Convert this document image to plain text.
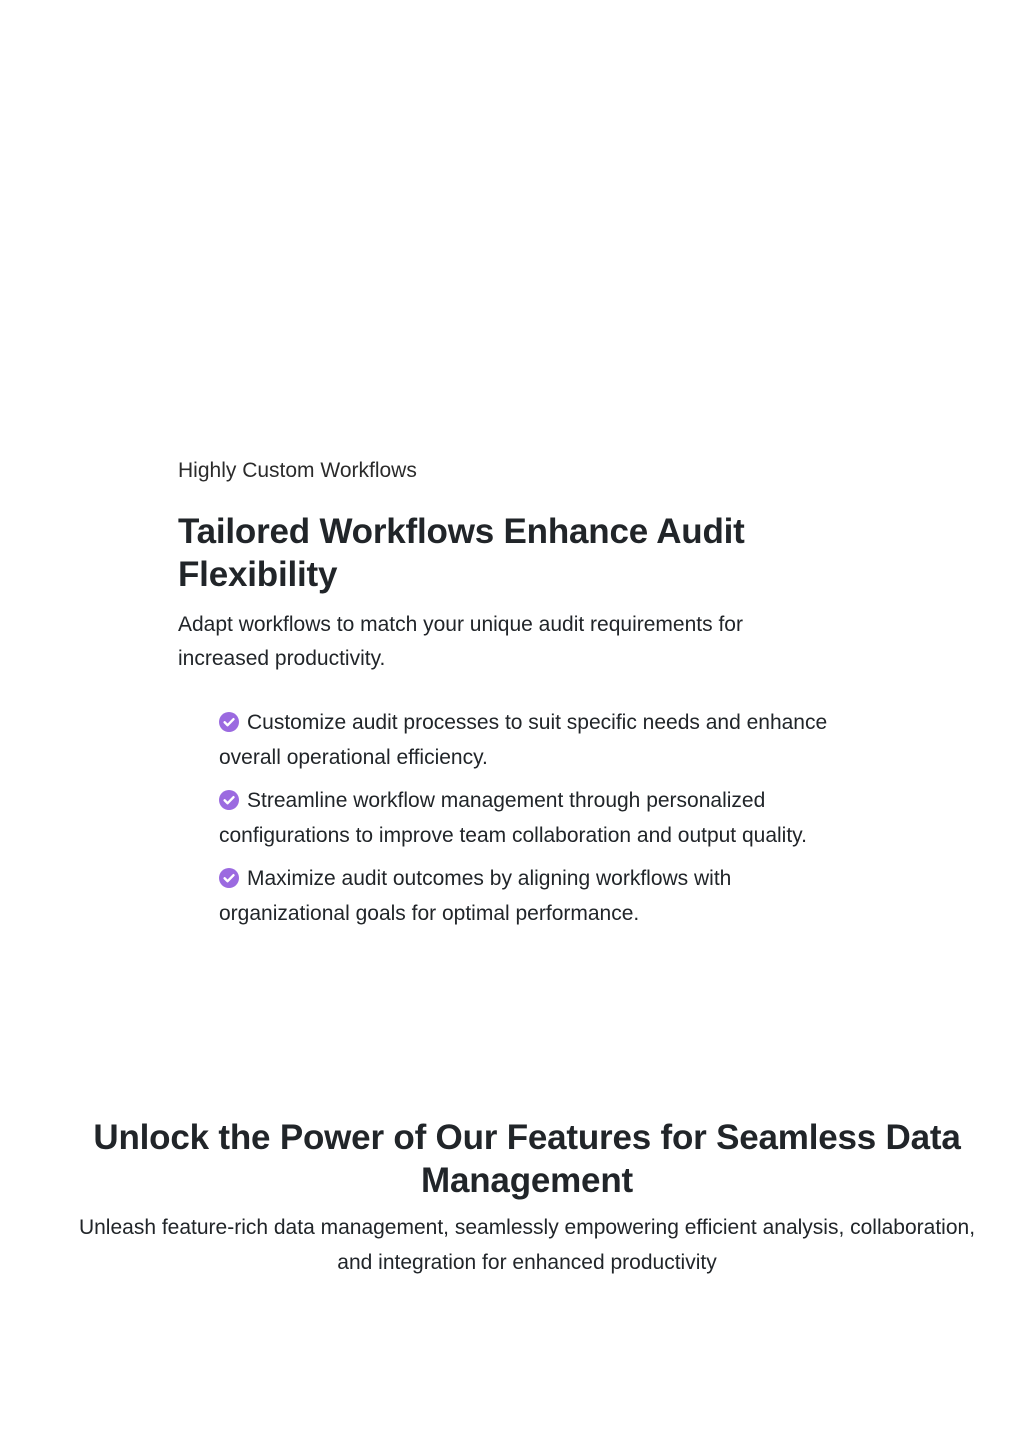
Highly Custom Workflows

Tailored Workflows Enhance Audit Flexibility

Adapt workflows to match your unique audit requirements for increased productivity.

Customize audit processes to suit specific needs and enhance overall operational efficiency.
Streamline workflow management through personalized configurations to improve team collaboration and output quality.
Maximize audit outcomes by aligning workflows with organizational goals for optimal performance.
Unlock the Power of Our Features for Seamless Data Management

Unleash feature-rich data management, seamlessly empowering efficient analysis, collaboration, and integration for enhanced productivity
